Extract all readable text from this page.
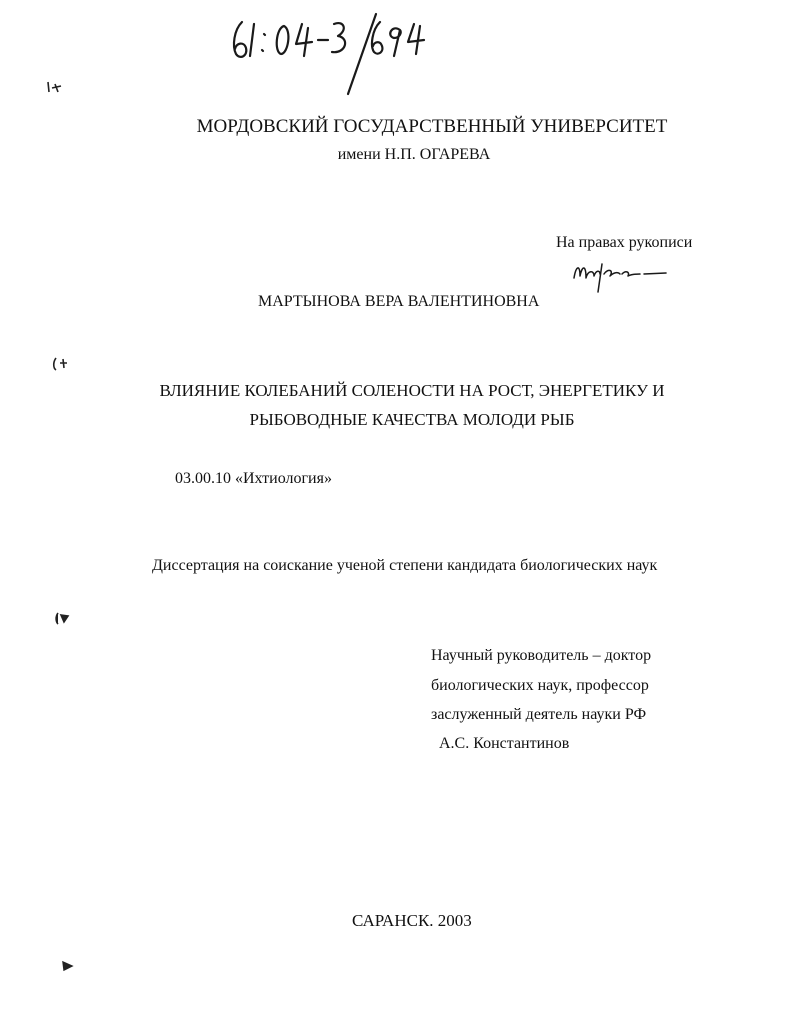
МОРДОВСКИЙ ГОСУДАРСТВЕННЫЙ УНИВЕРСИТЕТ
имени Н.П. ОГАРЕВА
На правах рукописи
МАРТЫНОВА ВЕРА ВАЛЕНТИНОВНА
ВЛИЯНИЕ КОЛЕБАНИЙ СОЛЕНОСТИ НА РОСТ, ЭНЕРГЕТИКУ И
РЫБОВОДНЫЕ КАЧЕСТВА МОЛОДИ РЫБ
03.00.10 «Ихтиология»
Диссертация на соискание ученой степени кандидата биологических наук
Научный руководитель – доктор
биологических наук, профессор
заслуженный деятель науки РФ
А.С. Константинов
САРАНСК. 2003
